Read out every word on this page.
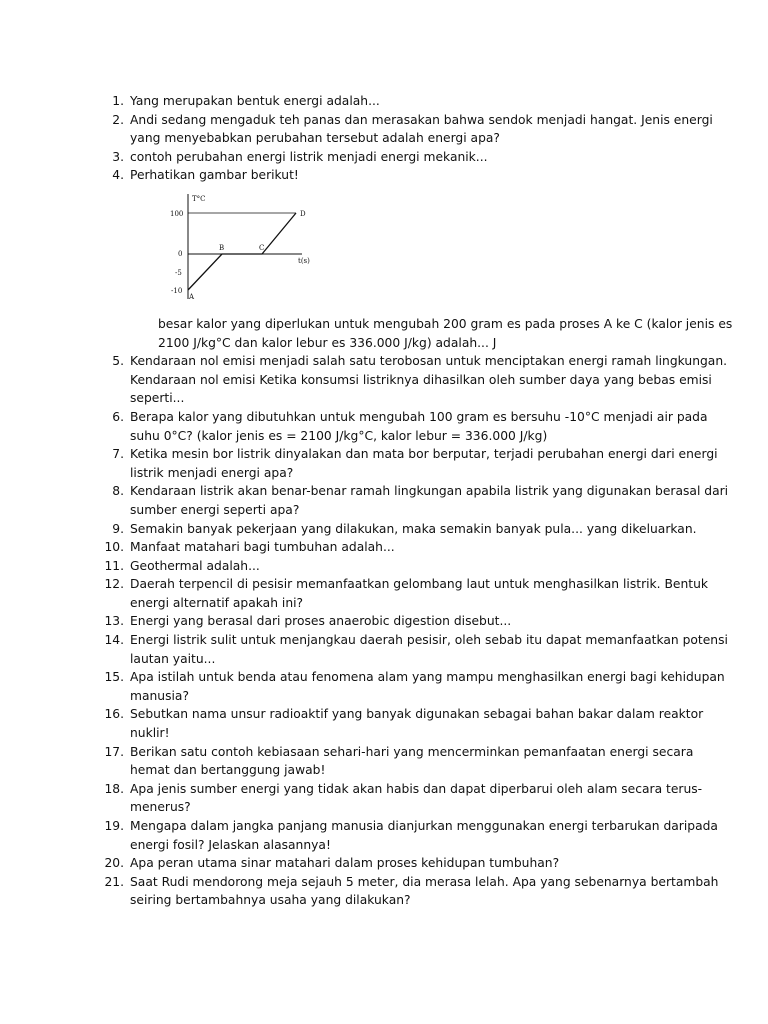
1. Yang merupakan bentuk energi adalah...
2. Andi sedang mengaduk teh panas dan merasakan bahwa sendok menjadi hangat. Jenis energi
yang menyebabkan perubahan tersebut adalah energi apa?
3. contoh perubahan energi listrik menjadi energi mekanik...
4. Perhatikan gambar berikut!
T°C
t(s)
100
0
-5
-10
A
B	C
D
besar kalor yang diperlukan untuk mengubah 200 gram es pada proses A ke C (kalor jenis es
2100 J/kg°C dan kalor lebur es 336.000 J/kg) adalah... J
5. Kendaraan nol emisi menjadi salah satu terobosan untuk menciptakan energi ramah lingkungan.
Kendaraan nol emisi Ketika konsumsi listriknya dihasilkan oleh sumber daya yang bebas emisi
seperti...
6. Berapa kalor yang dibutuhkan untuk mengubah 100 gram es bersuhu -10°C menjadi air pada
suhu 0°C? (kalor jenis es = 2100 J/kg°C, kalor lebur = 336.000 J/kg)
7. Ketika mesin bor listrik dinyalakan dan mata bor berputar, terjadi perubahan energi dari energi
listrik menjadi energi apa?
8. Kendaraan listrik akan benar-benar ramah lingkungan apabila listrik yang digunakan berasal dari
sumber energi seperti apa?
9. Semakin banyak pekerjaan yang dilakukan, maka semakin banyak pula... yang dikeluarkan.
10. Manfaat matahari bagi tumbuhan adalah...
11. Geothermal adalah...
12. Daerah terpencil di pesisir memanfaatkan gelombang laut untuk menghasilkan listrik. Bentuk
energi alternatif apakah ini?
13. Energi yang berasal dari proses anaerobic digestion disebut...
14. Energi listrik sulit untuk menjangkau daerah pesisir, oleh sebab itu dapat memanfaatkan potensi
lautan yaitu...
15. Apa istilah untuk benda atau fenomena alam yang mampu menghasilkan energi bagi kehidupan
manusia?
16. Sebutkan nama unsur radioaktif yang banyak digunakan sebagai bahan bakar dalam reaktor
nuklir!
17. Berikan satu contoh kebiasaan sehari-hari yang mencerminkan pemanfaatan energi secara
hemat dan bertanggung jawab!
18. Apa jenis sumber energi yang tidak akan habis dan dapat diperbarui oleh alam secara terus-
menerus?
19. Mengapa dalam jangka panjang manusia dianjurkan menggunakan energi terbarukan daripada
energi fosil? Jelaskan alasannya!
20. Apa peran utama sinar matahari dalam proses kehidupan tumbuhan?
21. Saat Rudi mendorong meja sejauh 5 meter, dia merasa lelah. Apa yang sebenarnya bertambah
seiring bertambahnya usaha yang dilakukan?
